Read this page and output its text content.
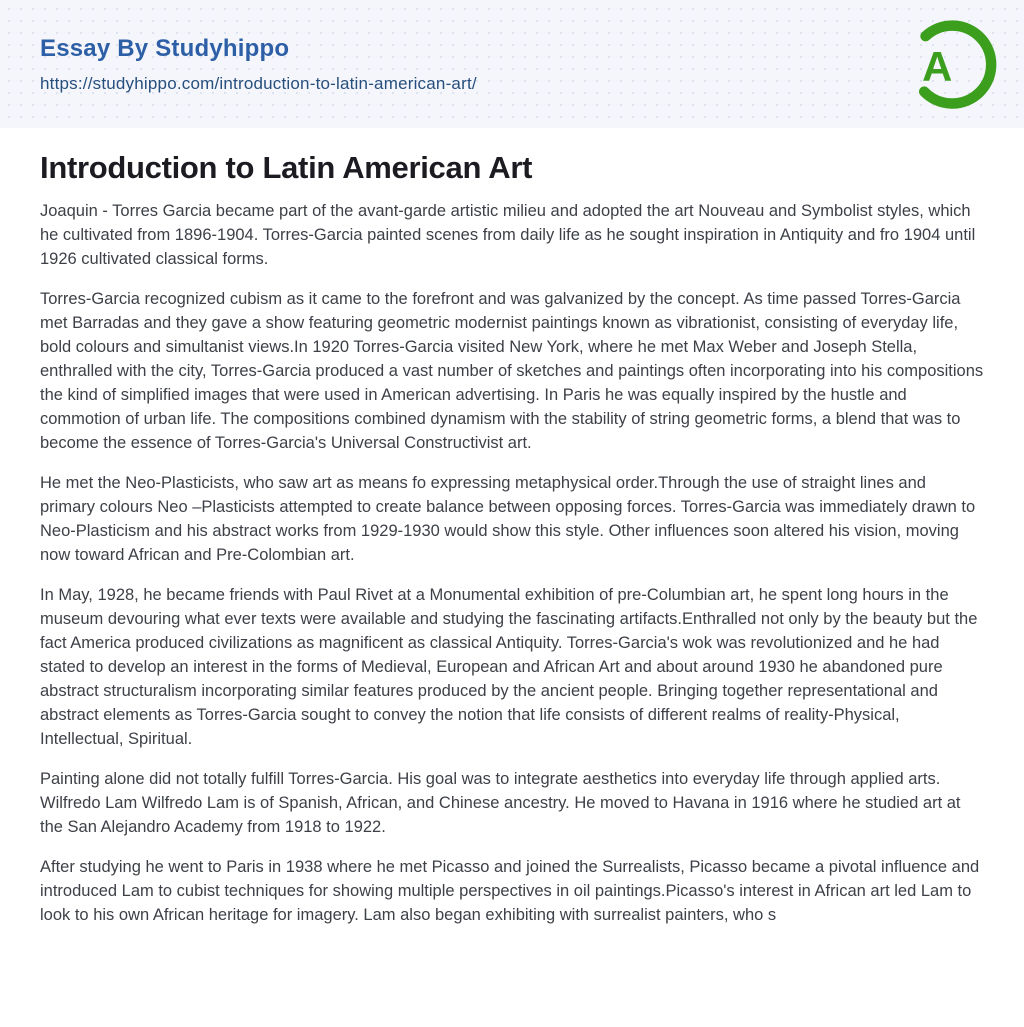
Essay By Studyhippo
https://studyhippo.com/introduction-to-latin-american-art/	A
Introduction to Latin American Art

Joaquin - Torres Garcia became part of the avant-garde artistic milieu and adopted the art Nouveau and Symbolist styles, which he cultivated from 1896-1904. Torres-Garcia painted scenes from daily life as he sought inspiration in Antiquity and fro 1904 until 1926 cultivated classical forms.

Torres-Garcia recognized cubism as it came to the forefront and was galvanized by the concept. As time passed Torres-Garcia met Barradas and they gave a show featuring geometric modernist paintings known as vibrationist, consisting of everyday life, bold colours and simultanist views.In 1920 Torres-Garcia visited New York, where he met Max Weber and Joseph Stella, enthralled with the city, Torres-Garcia produced a vast number of sketches and paintings often incorporating into his compositions the kind of simplified images that were used in American advertising. In Paris he was equally inspired by the hustle and commotion of urban life. The compositions combined dynamism with the stability of string geometric forms, a blend that was to become the essence of Torres-Garcia's Universal Constructivist art.

He met the Neo-Plasticists, who saw art as means fo expressing metaphysical order.Through the use of straight lines and primary colours Neo –Plasticists attempted to create balance between opposing forces. Torres-Garcia was immediately drawn to Neo-Plasticism and his abstract works from 1929-1930 would show this style. Other influences soon altered his vision, moving now toward African and Pre-Colombian art.

In May, 1928, he became friends with Paul Rivet at a Monumental exhibition of pre-Columbian art, he spent long hours in the museum devouring what ever texts were available and studying the fascinating artifacts.Enthralled not only by the beauty but the fact America produced civilizations as magnificent as classical Antiquity. Torres-Garcia's wok was revolutionized and he had stated to develop an interest in the forms of Medieval, European and African Art and about around 1930 he abandoned pure abstract structuralism incorporating similar features produced by the ancient people. Bringing together representational and abstract elements as Torres-Garcia sought to convey the notion that life consists of different realms of reality-Physical, Intellectual, Spiritual.

Painting alone did not totally fulfill Torres-Garcia. His goal was to integrate aesthetics into everyday life through applied arts. Wilfredo Lam Wilfredo Lam is of Spanish, African, and Chinese ancestry. He moved to Havana in 1916 where he studied art at the San Alejandro Academy from 1918 to 1922.

After studying he went to Paris in 1938 where he met Picasso and joined the Surrealists, Picasso became a pivotal influence and introduced Lam to cubist techniques for showing multiple perspectives in oil paintings.Picasso's interest in African art led Lam to look to his own African heritage for imagery. Lam also began exhibiting with surrealist painters, who s
